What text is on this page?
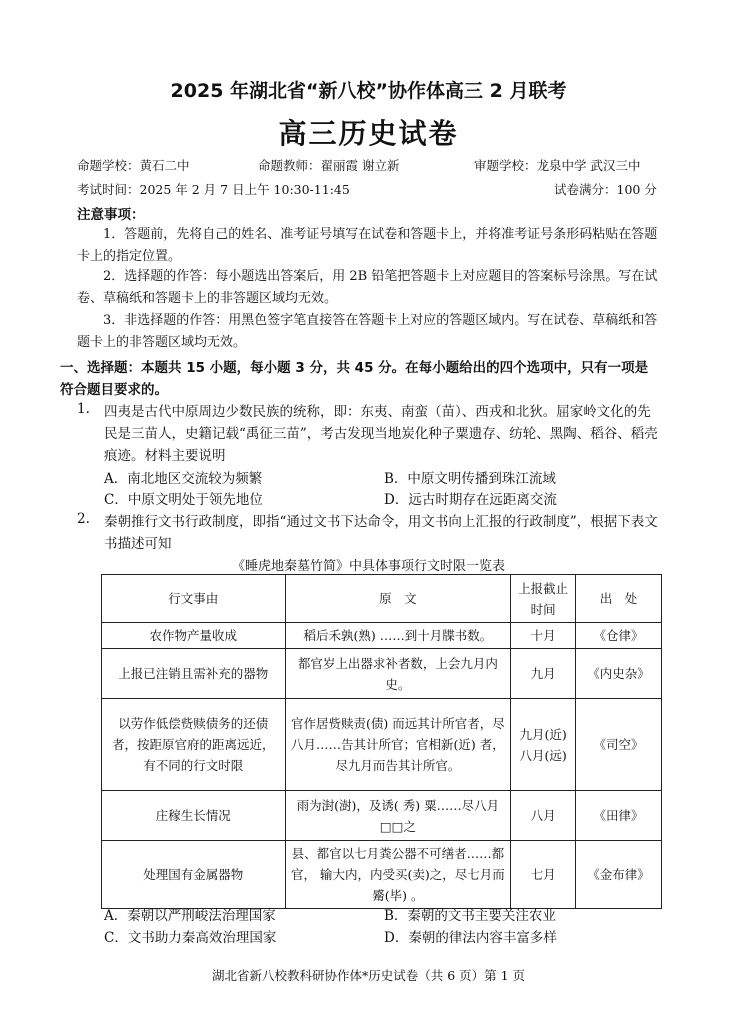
2025 年湖北省“新八校”协作体高三 2 月联考
高三历史试卷
命题学校：黄石二中	命题教师：翟丽霞 谢立新	审题学校：龙泉中学 武汉三中
考试时间：2025 年 2 月 7 日上午 10:30-11:45	试卷满分：100 分
注意事项：
1．答题前，先将自己的姓名、准考证号填写在试卷和答题卡上，并将准考证号条形码粘贴在答题卡上的指定位置。
2．选择题的作答：每小题选出答案后，用 2B 铅笔把答题卡上对应题目的答案标号涂黑。写在试卷、草稿纸和答题卡上的非答题区域均无效。
3．非选择题的作答：用黑色签字笔直接答在答题卡上对应的答题区域内。写在试卷、草稿纸和答题卡上的非答题区域均无效。
一、选择题：本题共 15 小题，每小题 3 分，共 45 分。在每小题给出的四个选项中，只有一项是符合题目要求的。
1. 四夷是古代中原周边少数民族的统称，即：东夷、南蛮（苗）、西戎和北狄。屈家岭文化的先民是三苗人，史籍记载“禹征三苗”，考古发现当地炭化种子粟遗存、纺轮、黑陶、稻谷、稻壳痕迹。材料主要说明
A．南北地区交流较为频繁	B．中原文明传播到珠江流域
C．中原文明处于领先地位	D．远古时期存在远距离交流
2. 秦朝推行文书行政制度，即指“通过文书下达命令，用文书向上汇报的行政制度”，根据下表文书描述可知
《睡虎地秦墓竹简》中具体事项行文时限一览表
行文事由	原　文	上报截止时间	出　处
农作物产量收成	稻后禾孰(熟) ……到十月牒书数。	十月	《仓律》
上报已注销且需补充的器物	都官岁上出器求补者数，上会九月内史。	九月	《内史杂》
以劳作低偿赀赎债务的还债者，按距原官府的距离远近，有不同的行文时限	官作居赀赎责(债) 而远其计所官者，尽八月……告其计所官；官相新(近) 者， 尽九月而告其计所官。	九月(近)八月(远)	《司空》
庄稼生长情况	雨为湗(澍)，及诱( 秀) 粟……尽八月□□之	八月	《田律》
处理国有金属器物	县、都官以七月粪公器不可缮者……都官， 输大内，内受买(卖)之，尽七月而觱(毕) 。	七月	《金布律》
A．秦朝以严刑峻法治理国家	B．秦朝的文书主要关注农业
C．文书助力秦高效治理国家	D．秦朝的律法内容丰富多样
湖北省新八校教科研协作体*历史试卷（共 6 页）第 1 页
